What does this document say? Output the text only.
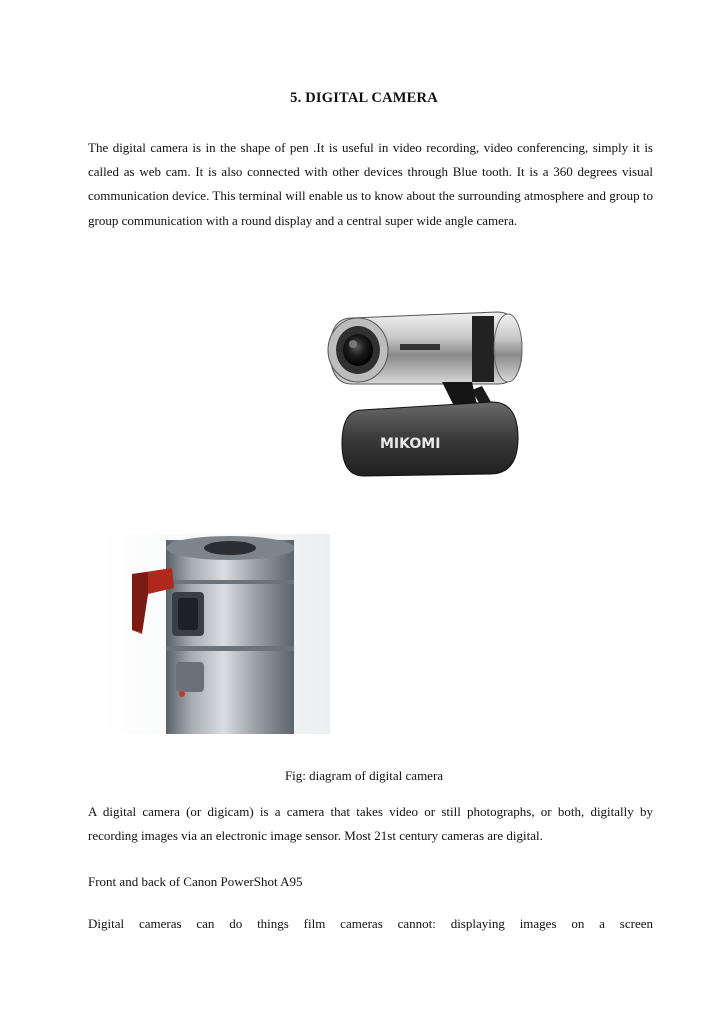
5. DIGITAL CAMERA

The digital camera is in the shape of pen .It is useful in video recording, video conferencing, simply it is called as web cam. It is also connected with other devices through Blue tooth. It is a 360 degrees visual communication device. This terminal will enable us to know about the surrounding atmosphere and group to group communication with a round display and a central super wide angle camera.

MIKOMI
Fig: diagram of digital camera

A digital camera (or digicam) is a camera that takes video or still photographs, or both, digitally by recording images via an electronic image sensor. Most 21st century cameras are digital.

Front and back of Canon PowerShot A95

Digital cameras can do things film cameras cannot: displaying images on a screen
